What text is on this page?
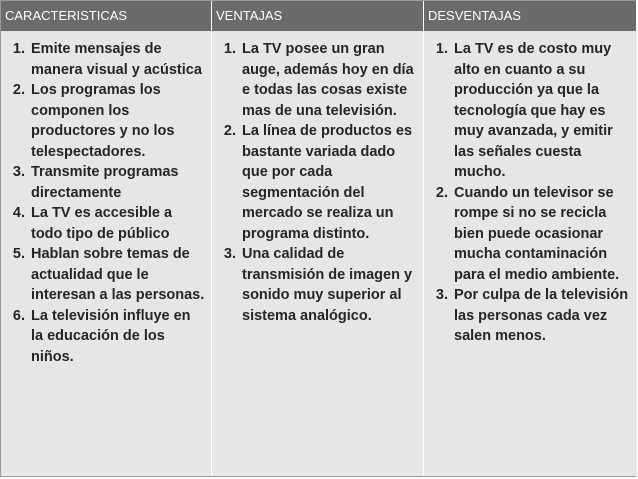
CARACTERISTICAS	VENTAJAS	DESVENTAJAS
1. Emite mensajes de manera visual y acústica
2. Los programas los componen los productores y no los telespectadores.
3. Transmite programas directamente
4. La TV es accesible a todo tipo de público
5. Hablan sobre temas de actualidad que le interesan a las personas.
6. La televisión influye en la educación de los niños.
1. La TV posee un gran auge, además hoy en día e todas las cosas existe mas de una televisión.
2. La línea de productos es bastante variada dado que por cada segmentación del mercado se realiza un programa distinto.
3. Una calidad de transmisión de imagen y sonido muy superior al sistema analógico.
1. La TV es de costo muy alto en cuanto a su producción ya que la tecnología que hay es muy avanzada, y emitir las señales cuesta mucho.
2. Cuando un televisor se rompe si no se recicla bien puede ocasionar mucha contaminación para el medio ambiente.
3. Por culpa de la televisión las personas cada vez salen menos.
